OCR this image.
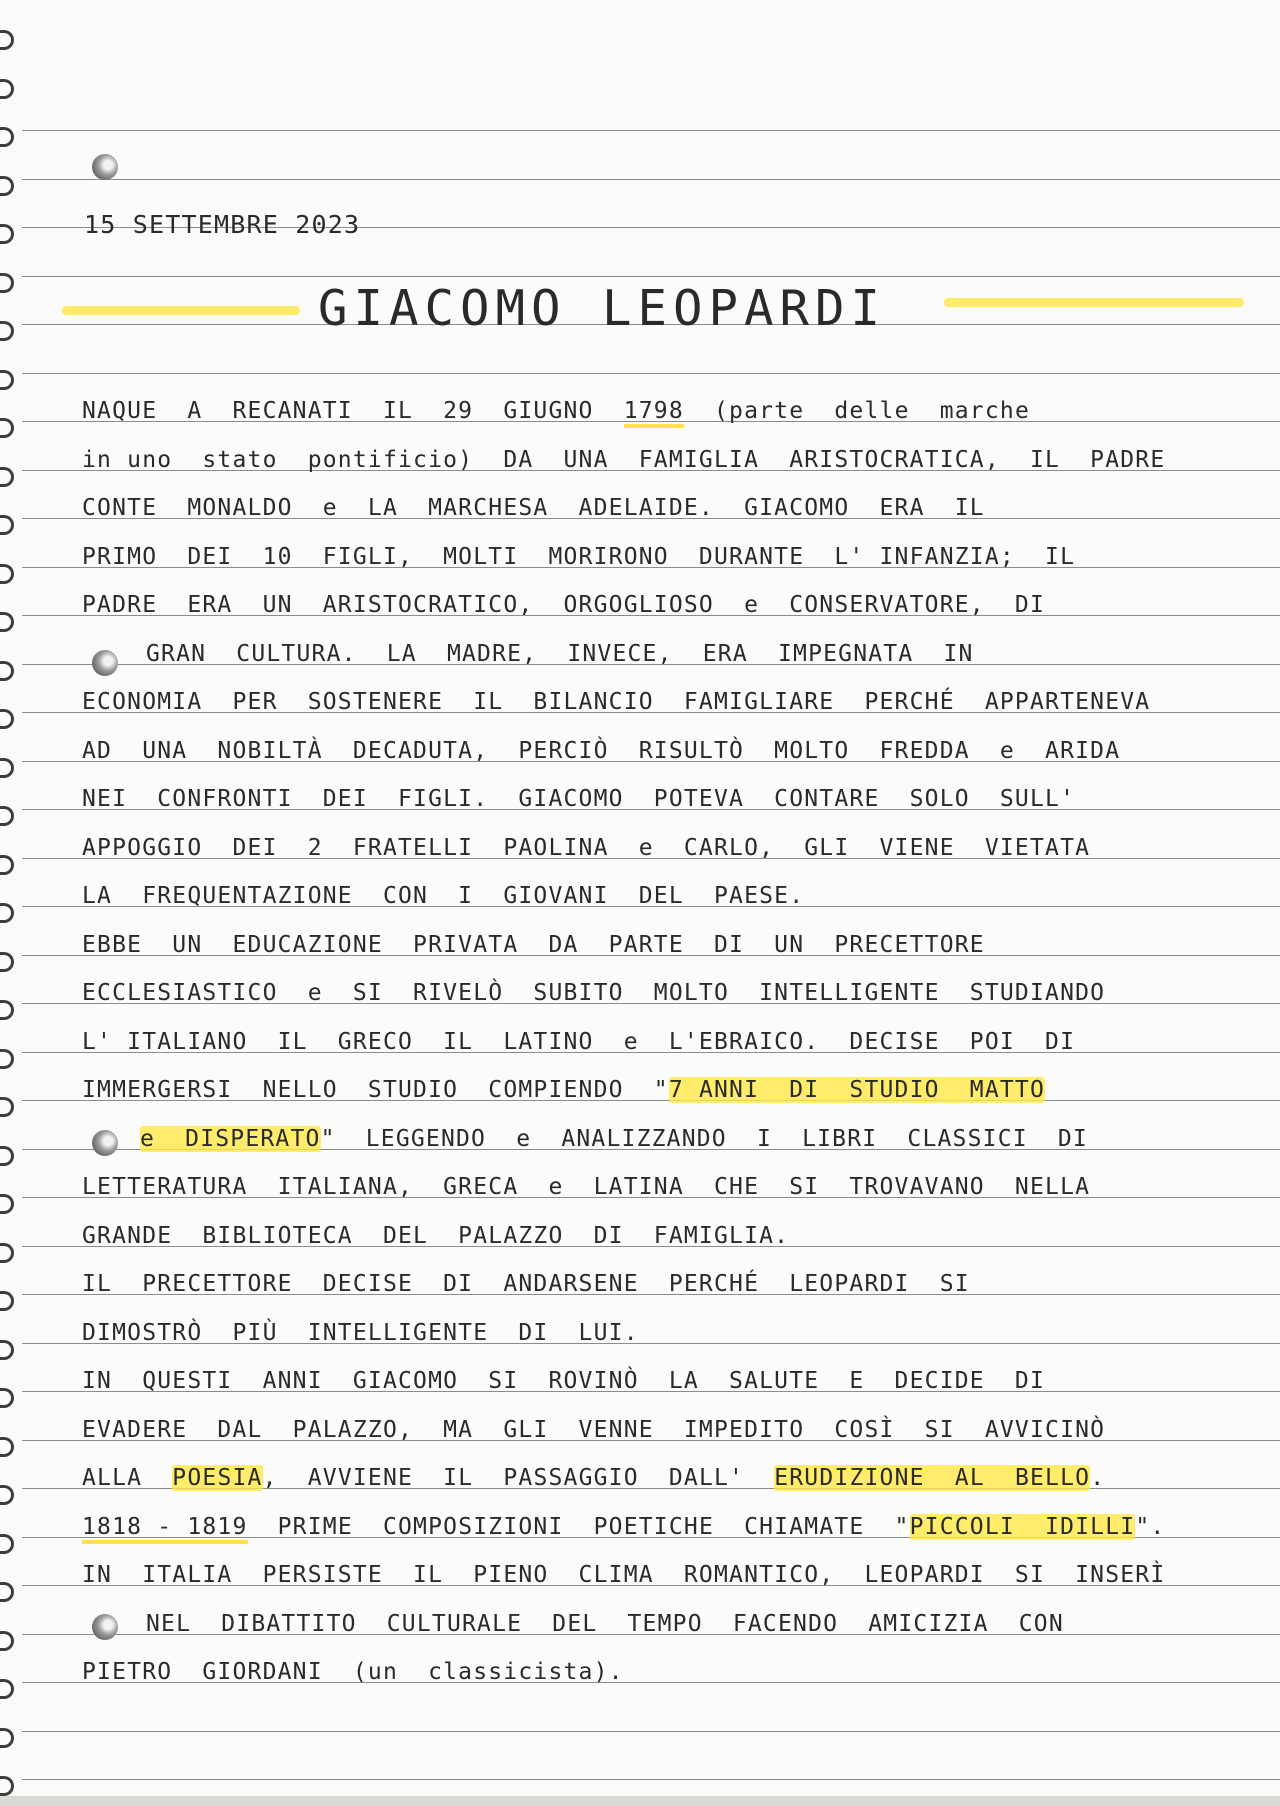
15 SETTEMBRE 2023

GIACOMO LEOPARDI

NAQUE  A  RECANATI  IL  29  GIUGNO  1798  (parte  delle  marche

in uno  stato  pontificio)  DA  UNA  FAMIGLIA  ARISTOCRATICA,  IL  PADRE

CONTE  MONALDO  e  LA  MARCHESA  ADELAIDE.  GIACOMO  ERA  IL

PRIMO  DEI  10  FIGLI,  MOLTI  MORIRONO  DURANTE  L' INFANZIA;  IL

PADRE  ERA  UN  ARISTOCRATICO,  ORGOGLIOSO  e  CONSERVATORE,  DI

GRAN  CULTURA.  LA  MADRE,  INVECE,  ERA  IMPEGNATA  IN

ECONOMIA  PER  SOSTENERE  IL  BILANCIO  FAMIGLIARE  PERCHÉ  APPARTENEVA

AD  UNA  NOBILTÀ  DECADUTA,  PERCIÒ  RISULTÒ  MOLTO  FREDDA  e  ARIDA

NEI  CONFRONTI  DEI  FIGLI.  GIACOMO  POTEVA  CONTARE  SOLO  SULL'

APPOGGIO  DEI  2  FRATELLI  PAOLINA  e  CARLO,  GLI  VIENE  VIETATA

LA  FREQUENTAZIONE  CON  I  GIOVANI  DEL  PAESE.

EBBE  UN  EDUCAZIONE  PRIVATA  DA  PARTE  DI  UN  PRECETTORE

ECCLESIASTICO  e  SI  RIVELÒ  SUBITO  MOLTO  INTELLIGENTE  STUDIANDO

L' ITALIANO  IL  GRECO  IL  LATINO  e  L'EBRAICO.  DECISE  POI  DI

IMMERGERSI  NELLO  STUDIO  COMPIENDO  "7 ANNI  DI  STUDIO  MATTO

e  DISPERATO"  LEGGENDO  e  ANALIZZANDO  I  LIBRI  CLASSICI  DI

LETTERATURA  ITALIANA,  GRECA  e  LATINA  CHE  SI  TROVAVANO  NELLA

GRANDE  BIBLIOTECA  DEL  PALAZZO  DI  FAMIGLIA.

IL  PRECETTORE  DECISE  DI  ANDARSENE  PERCHÉ  LEOPARDI  SI

DIMOSTRÒ  PIÙ  INTELLIGENTE  DI  LUI.

IN  QUESTI  ANNI  GIACOMO  SI  ROVINÒ  LA  SALUTE  E  DECIDE  DI

EVADERE  DAL  PALAZZO,  MA  GLI  VENNE  IMPEDITO  COSÌ  SI  AVVICINÒ

ALLA  POESIA,  AVVIENE  IL  PASSAGGIO  DALL'  ERUDIZIONE  AL  BELLO.

1818 - 1819  PRIME  COMPOSIZIONI  POETICHE  CHIAMATE  "PICCOLI  IDILLI".

IN  ITALIA  PERSISTE  IL  PIENO  CLIMA  ROMANTICO,  LEOPARDI  SI  INSERÌ

NEL  DIBATTITO  CULTURALE  DEL  TEMPO  FACENDO  AMICIZIA  CON

PIETRO  GIORDANI  (un  classicista).
